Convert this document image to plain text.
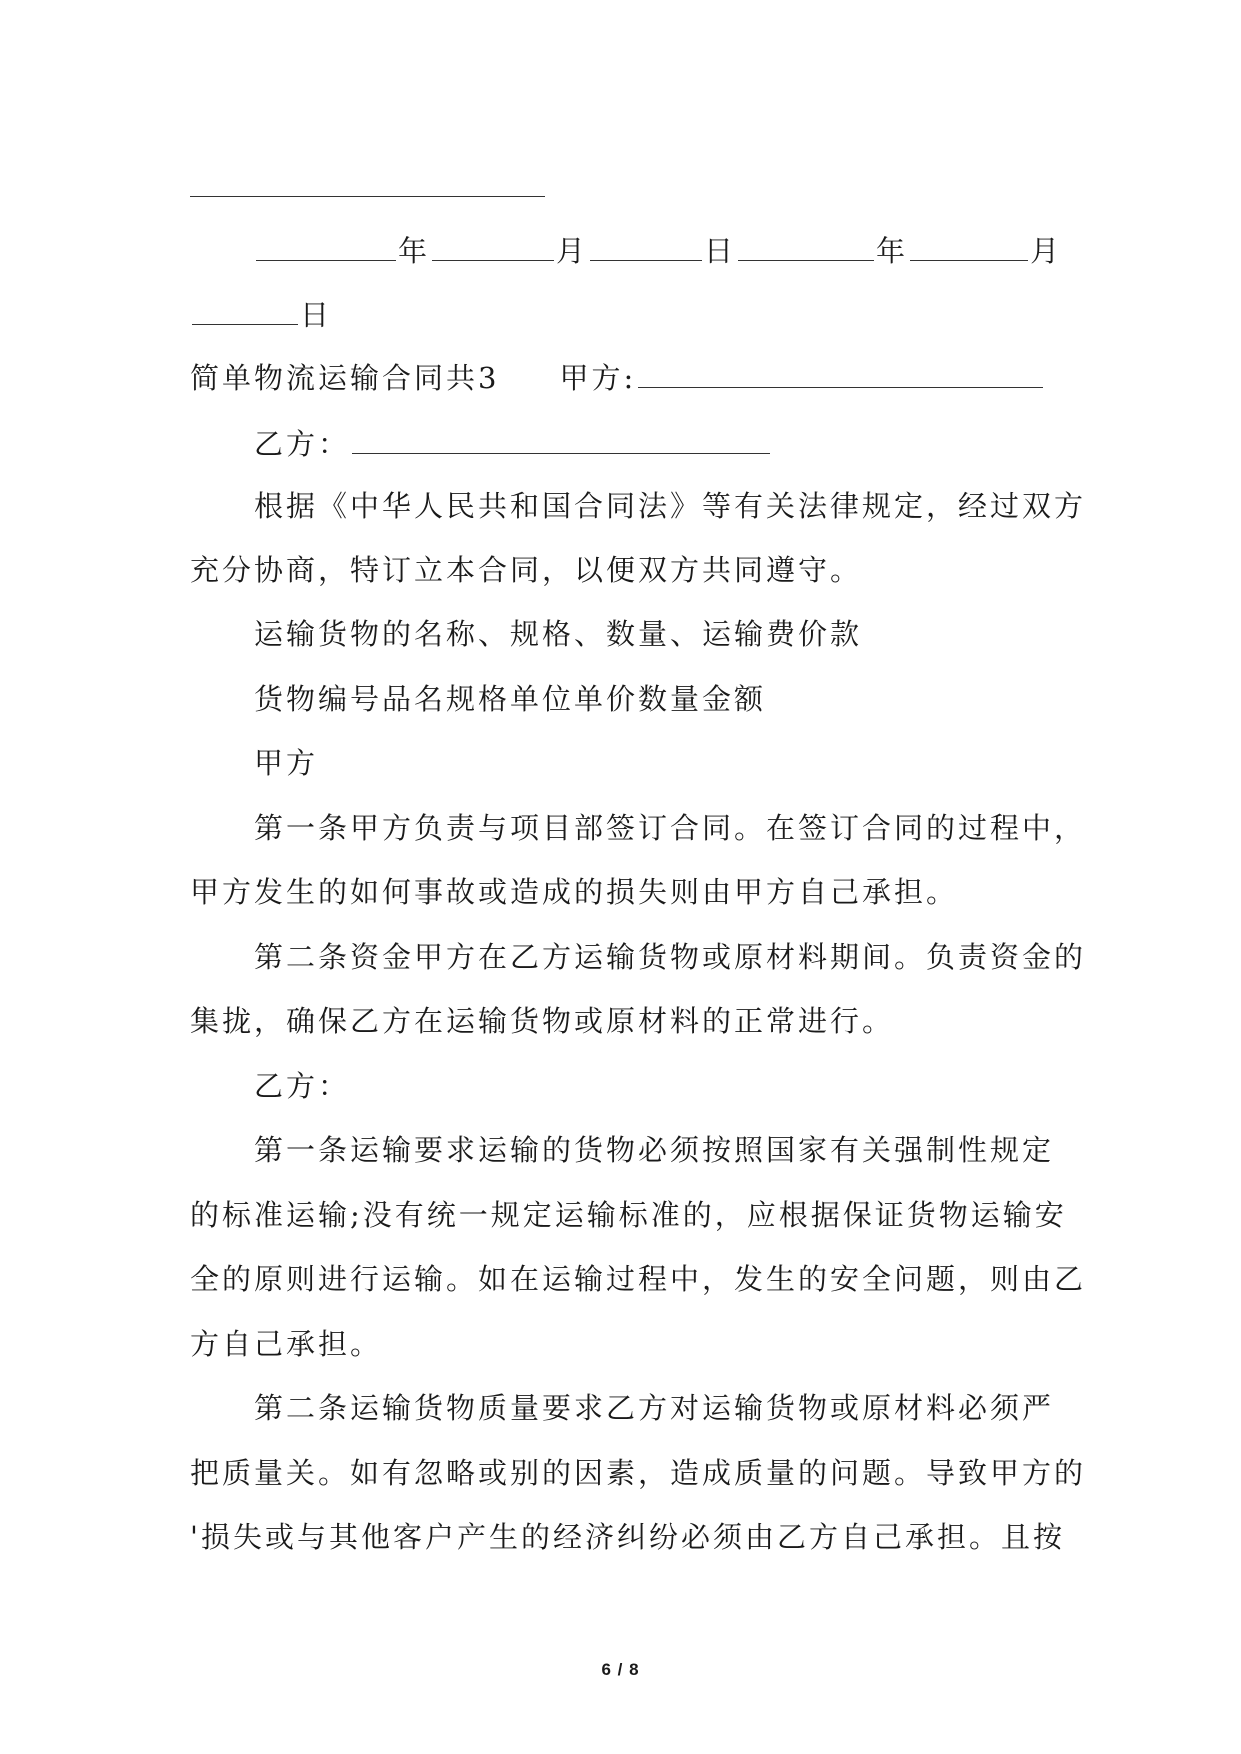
年	月	日	年	月
日
简单物流运输合同共3 甲方:
乙方：
根据《中华人民共和国合同法》等有关法律规定，经过双方
充分协商，特订立本合同，以便双方共同遵守。
运输货物的名称、规格、数量、运输费价款
货物编号品名规格单位单价数量金额
甲方
第一条甲方负责与项目部签订合同。在签订合同的过程中，
甲方发生的如何事故或造成的损失则由甲方自己承担。
第二条资金甲方在乙方运输货物或原材料期间。负责资金的
集拢，确保乙方在运输货物或原材料的正常进行。
乙方：
第一条运输要求运输的货物必须按照国家有关强制性规定
的标准运输;没有统一规定运输标准的，应根据保证货物运输安
全的原则进行运输。如在运输过程中，发生的安全问题，则由乙
方自己承担。
第二条运输货物质量要求乙方对运输货物或原材料必须严
把质量关。如有忽略或别的因素，造成质量的问题。导致甲方的
'损失或与其他客户产生的经济纠纷必须由乙方自己承担。且按
6 / 8
